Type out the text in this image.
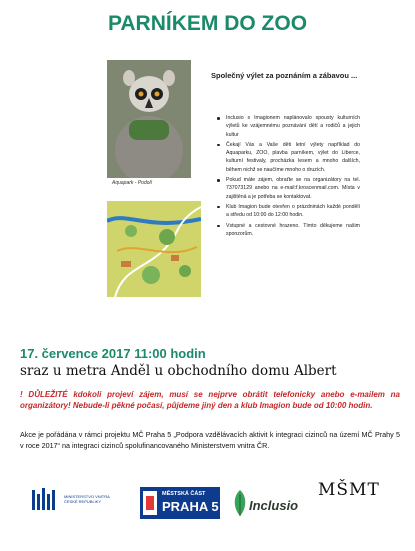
PARNÍKEM DO ZOO
Aquapark - Podolí
Společný výlet za poznáním a zábavou ...
Inclusio s Imagionem naplánovalo spousty kulturních výletů ke vzájemnému poznávání dětí a rodičů a jejich kultur
Čekají Vás a Vaše děti letní výlety například do Aquaparku, ZOO, plavba parníkem, výlet do Liberce, kulturní festivaly, procházka lesem a mnoho dalších, během nichž se naučíme mnoho o druzích.
Pokud máte zájem, obraťte se na organizátory na tel. 737073129 anebo na e-mail:f.kroscenmail.com. Místa v zajištěná a je potřeba se kontaktovat.
Klub Imagion bude otevřen o prázdninách každé pondělí a středu od 10:00 do 12:00 hodin.
Vstupné a cestovné hrazeno. Tímto děkujeme našim sponzorům.
17. července 2017 11:00 hodin
sraz u metra Anděl u obchodního domu Albert
! DŮLEŽITÉ kdokoli projeví zájem, musí se nejprve obrátit telefonicky anebo e-mailem na organizátory! Nebude-li pěkné počasí, půjdeme jiný den a klub Imagion bude od 10:00 hodin.
Akce je pořádána v rámci projektu MČ Praha 5 „Podpora vzdělávacích aktivit k integraci cizinců na území MČ Prahy 5 v roce 2017“ na integraci cizinců spolufinancovaného Ministerstvem vnitra ČR.
MINISTERSTVO VNITRA ČESKÉ REPUBLIKY
MĚSTSKÁ ČÁST
PRAHA 5 Inclusio
MŠMT
